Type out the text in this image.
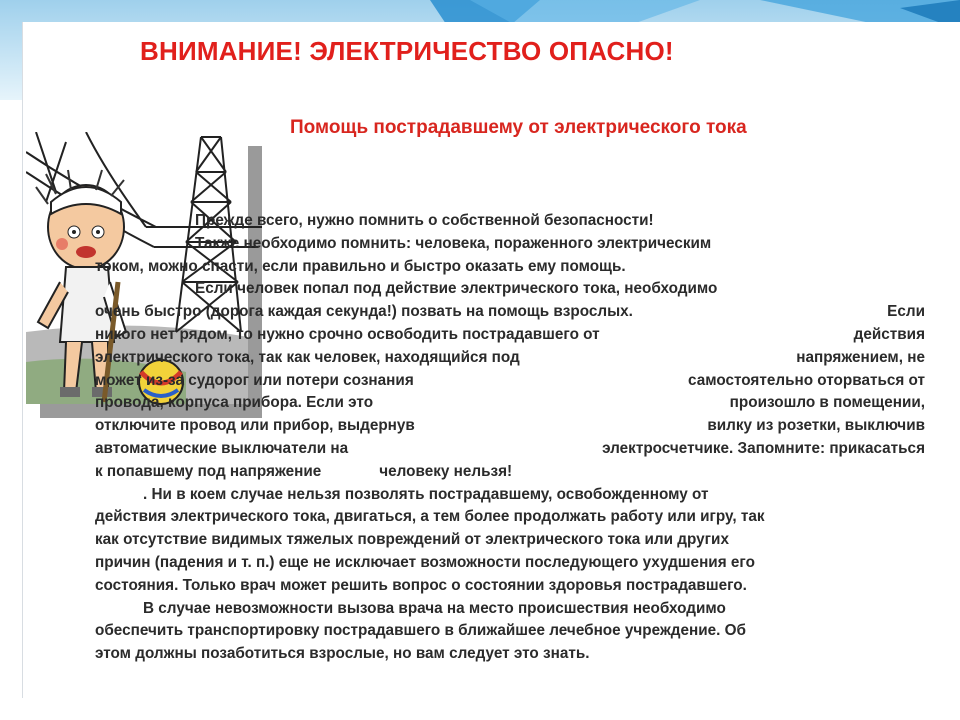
ВНИМАНИЕ! ЭЛЕКТРИЧЕСТВО ОПАСНО!
Помощь пострадавшему от электрического тока
Прежде всего, нужно помнить о собственной безопасности!
Также необходимо помнить: человека, пораженного электрическим
током, можно спасти, если правильно и быстро оказать ему помощь.
Если человек попал под действие электрического тока, необходимо
очень быстро (дорога каждая секунда!) позвать на помощь взрослых.	Если
никого нет рядом, то нужно срочно освободить пострадавшего от	действия
электрического тока, так как человек, находящийся под	напряжением, не
может из-за судорог или потери сознания	самостоятельно оторваться от
провода, корпуса прибора. Если это	произошло в помещении,
отключите провод или прибор, выдернув	вилку из розетки, выключив
автоматические выключатели на	электросчетчике. Запомните: прикасаться
к попавшему под напряжение	человеку нельзя!
. Ни в коем случае нельзя позволять пострадавшему, освобожденному от
действия электрического тока, двигаться, а тем более продолжать работу или игру, так
как отсутствие видимых тяжелых повреждений от электрического тока или других
причин (падения и т. п.) еще не исключает возможности последующего ухудшения его
состояния. Только врач может решить вопрос о состоянии здоровья пострадавшего.
В случае невозможности вызова врача на место происшествия необходимо
обеспечить транспортировку пострадавшего в ближайшее лечебное учреждение. Об
этом должны позаботиться взрослые, но вам следует это знать.
